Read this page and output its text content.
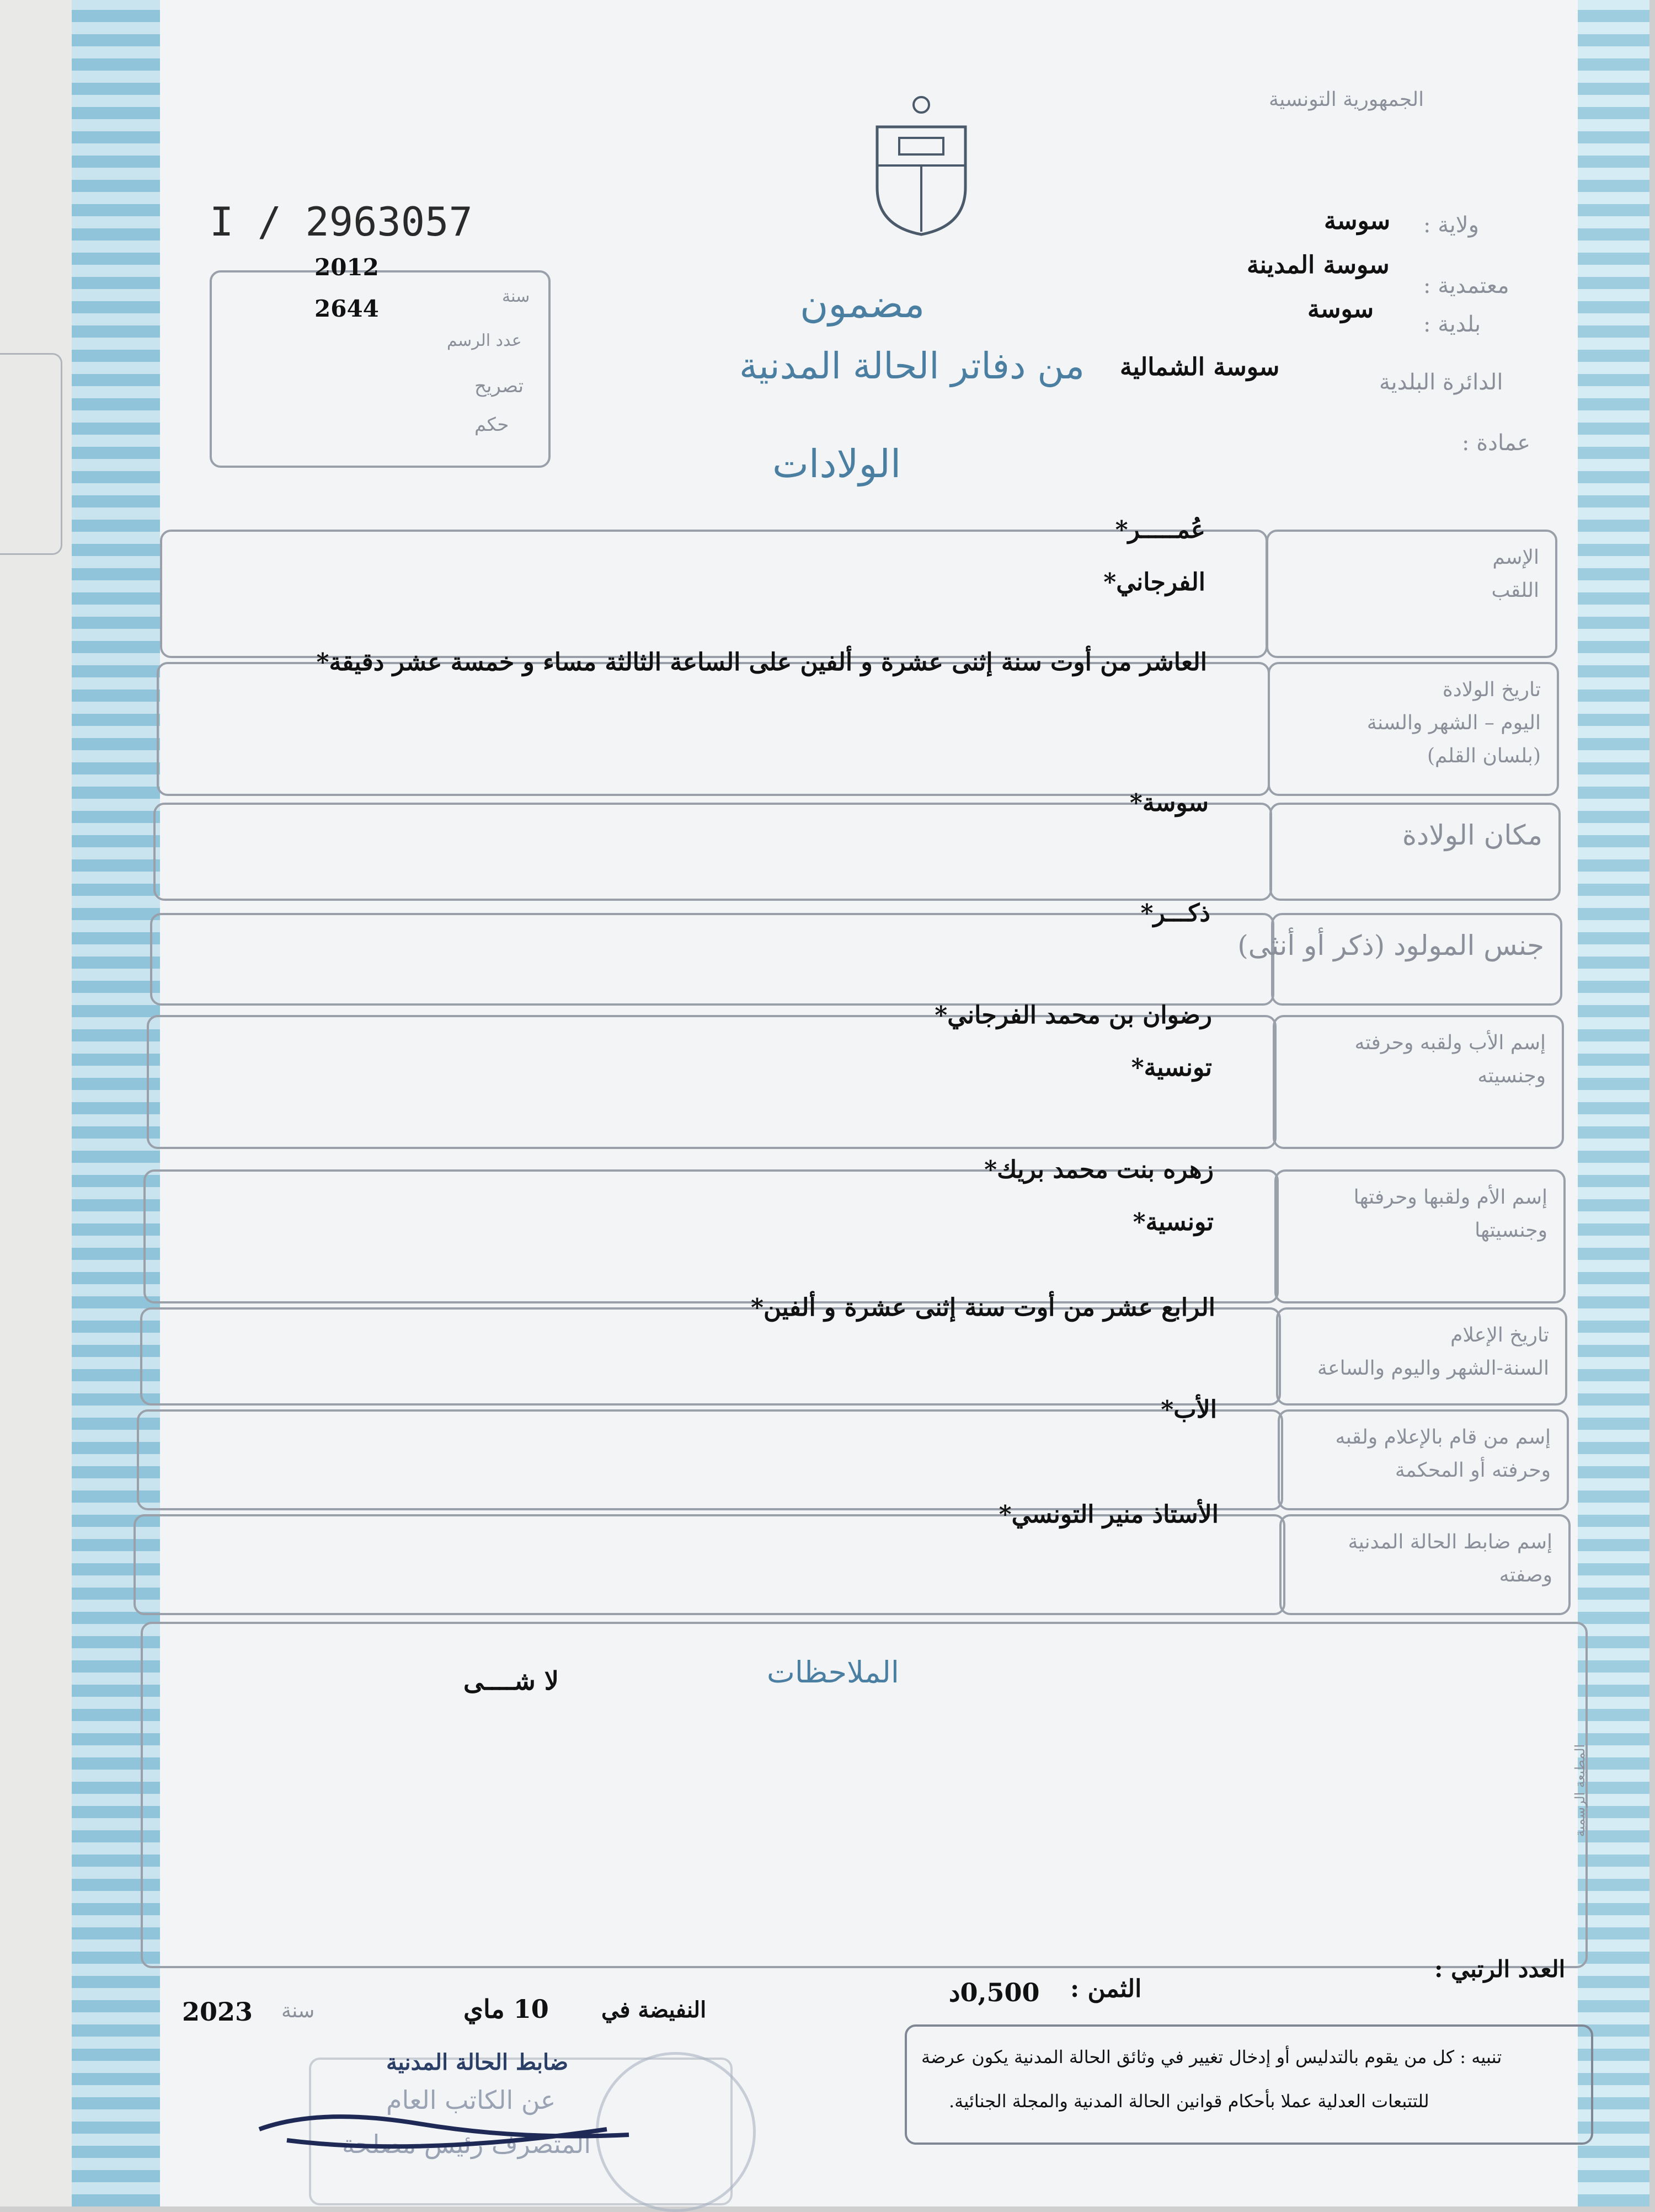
الجمهورية التونسية
I / 2963057	ولاية :
سوسة
معتمدية :
سوسة المدينة
بلدية :
سوسة
الدائرة البلدية
سوسة الشمالية
عمادة :
مضمون
من دفاتر الحالة المدنية
الولادات
2012
سنة
2644
عدد الرسم
تصريح
حكم
الإسم
اللقب
عُمـــــر*
الفرجاني*
تاريخ الولادة
اليوم – الشهر والسنة
(بلسان القلم)
العاشر من أوت سنة إثنى عشرة و ألفين على الساعة الثالثة مساء و خمسة عشر دقيقة*
مكان الولادة
سوسة*
جنس المولود (ذكر أو أنثى)
ذكـــر*
إسم الأب ولقبه وحرفته
وجنسيته
رضوان بن محمد الفرجاني*
تونسية*
إسم الأم ولقبها وحرفتها
وجنسيتها
زهره بنت محمد بريك*
تونسية*
تاريخ الإعلام
السنة-الشهر واليوم والساعة
الرابع عشر من أوت سنة إثنى عشرة و ألفين*
إسم من قام بالإعلام ولقبه
وحرفته أو المحكمة
الأب*
إسم ضابط الحالة المدنية
وصفته
الأستاذ منير التونسي*
الملاحظات
لا شــــى
المطبعة الرسمية
العدد الرتبي :
الثمن :
0,500د
النفيضة في
10 ماي
سنة
2023
ضابط الحالة المدنية
عن الكاتب العام
المتصرف رئيس مصلحة
تنبيه : كل من يقوم بالتدليس أو إدخال تغيير في وثائق الحالة المدنية يكون عرضة
للتتبعات العدلية عملا بأحكام قوانين الحالة المدنية والمجلة الجنائية.
